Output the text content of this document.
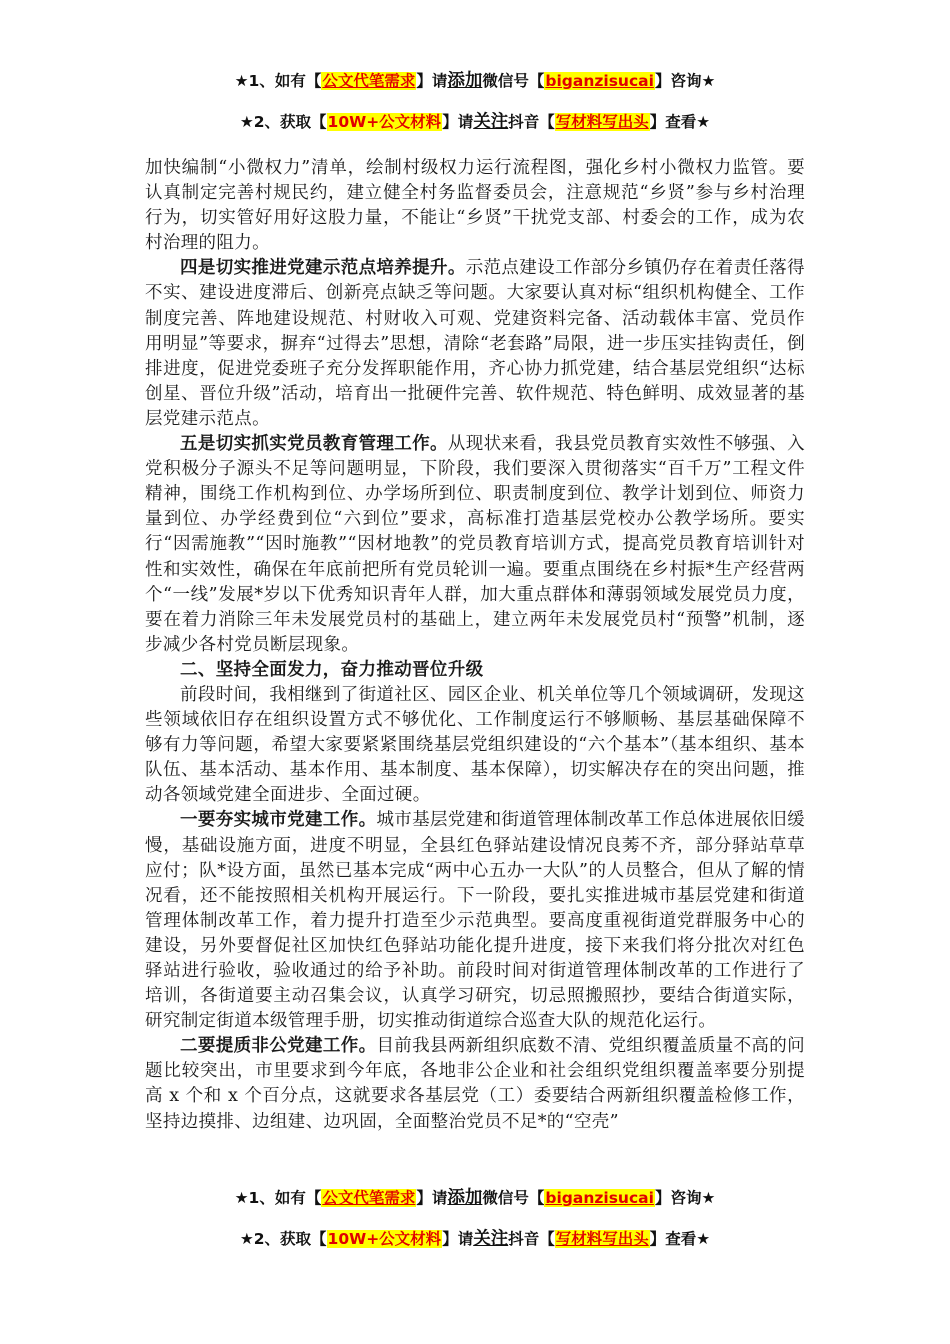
★1、如有【公文代笔需求】请添加微信号【biganzisucai】咨询★
★2、获取【10W+公文材料】请关注抖音【写材料写出头】查看★

加快编制“小微权力”清单，绘制村级权力运行流程图，强化乡村小微权力监管。要认真制定完善村规民约，建立健全村务监督委员会，注意规范“乡贤”参与乡村治理行为，切实管好用好这股力量，不能让“乡贤”干扰党支部、村委会的工作，成为农村治理的阻力。

四是切实推进党建示范点培养提升。示范点建设工作部分乡镇仍存在着责任落得不实、建设进度滞后、创新亮点缺乏等问题。大家要认真对标“组织机构健全、工作制度完善、阵地建设规范、村财收入可观、党建资料完备、活动载体丰富、党员作用明显”等要求，摒弃“过得去”思想，清除“老套路”局限，进一步压实挂钩责任，倒排进度，促进党委班子充分发挥职能作用，齐心协力抓党建，结合基层党组织“达标创星、晋位升级”活动，培育出一批硬件完善、软件规范、特色鲜明、成效显著的基层党建示范点。

五是切实抓实党员教育管理工作。从现状来看，我县党员教育实效性不够强、入党积极分子源头不足等问题明显，下阶段，我们要深入贯彻落实“百千万”工程文件精神，围绕工作机构到位、办学场所到位、职责制度到位、教学计划到位、师资力量到位、办学经费到位“六到位”要求，高标准打造基层党校办公教学场所。要实行“因需施教”“因时施教”“因材地教”的党员教育培训方式，提高党员教育培训针对性和实效性，确保在年底前把所有党员轮训一遍。要重点围绕在乡村振*生产经营两个“一线”发展*岁以下优秀知识青年人群，加大重点群体和薄弱领域发展党员力度，要在着力消除三年未发展党员村的基础上，建立两年未发展党员村“预警”机制，逐步减少各村党员断层现象。

二、坚持全面发力，奋力推动晋位升级

前段时间，我相继到了街道社区、园区企业、机关单位等几个领域调研，发现这些领域依旧存在组织设置方式不够优化、工作制度运行不够顺畅、基层基础保障不够有力等问题，希望大家要紧紧围绕基层党组织建设的“六个基本”（基本组织、基本队伍、基本活动、基本作用、基本制度、基本保障），切实解决存在的突出问题，推动各领域党建全面进步、全面过硬。

一要夯实城市党建工作。城市基层党建和街道管理体制改革工作总体进展依旧缓慢，基础设施方面，进度不明显，全县红色驿站建设情况良莠不齐，部分驿站草草应付；队*设方面，虽然已基本完成“两中心五办一大队”的人员整合，但从了解的情况看，还不能按照相关机构开展运行。下一阶段，要扎实推进城市基层党建和街道管理体制改革工作，着力提升打造至少示范典型。要高度重视街道党群服务中心的建设，另外要督促社区加快红色驿站功能化提升进度，接下来我们将分批次对红色驿站进行验收，验收通过的给予补助。前段时间对街道管理体制改革的工作进行了培训，各街道要主动召集会议，认真学习研究，切忌照搬照抄，要结合街道实际，研究制定街道本级管理手册，切实推动街道综合巡查大队的规范化运行。

二要提质非公党建工作。目前我县两新组织底数不清、党组织覆盖质量不高的问题比较突出，市里要求到今年底，各地非公企业和社会组织党组织覆盖率要分别提高 x 个和 x 个百分点，这就要求各基层党（工）委要结合两新组织覆盖检修工作，坚持边摸排、边组建、边巩固，全面整治党员不足*的“空壳”

★1、如有【公文代笔需求】请添加微信号【biganzisucai】咨询★
★2、获取【10W+公文材料】请关注抖音【写材料写出头】查看★
